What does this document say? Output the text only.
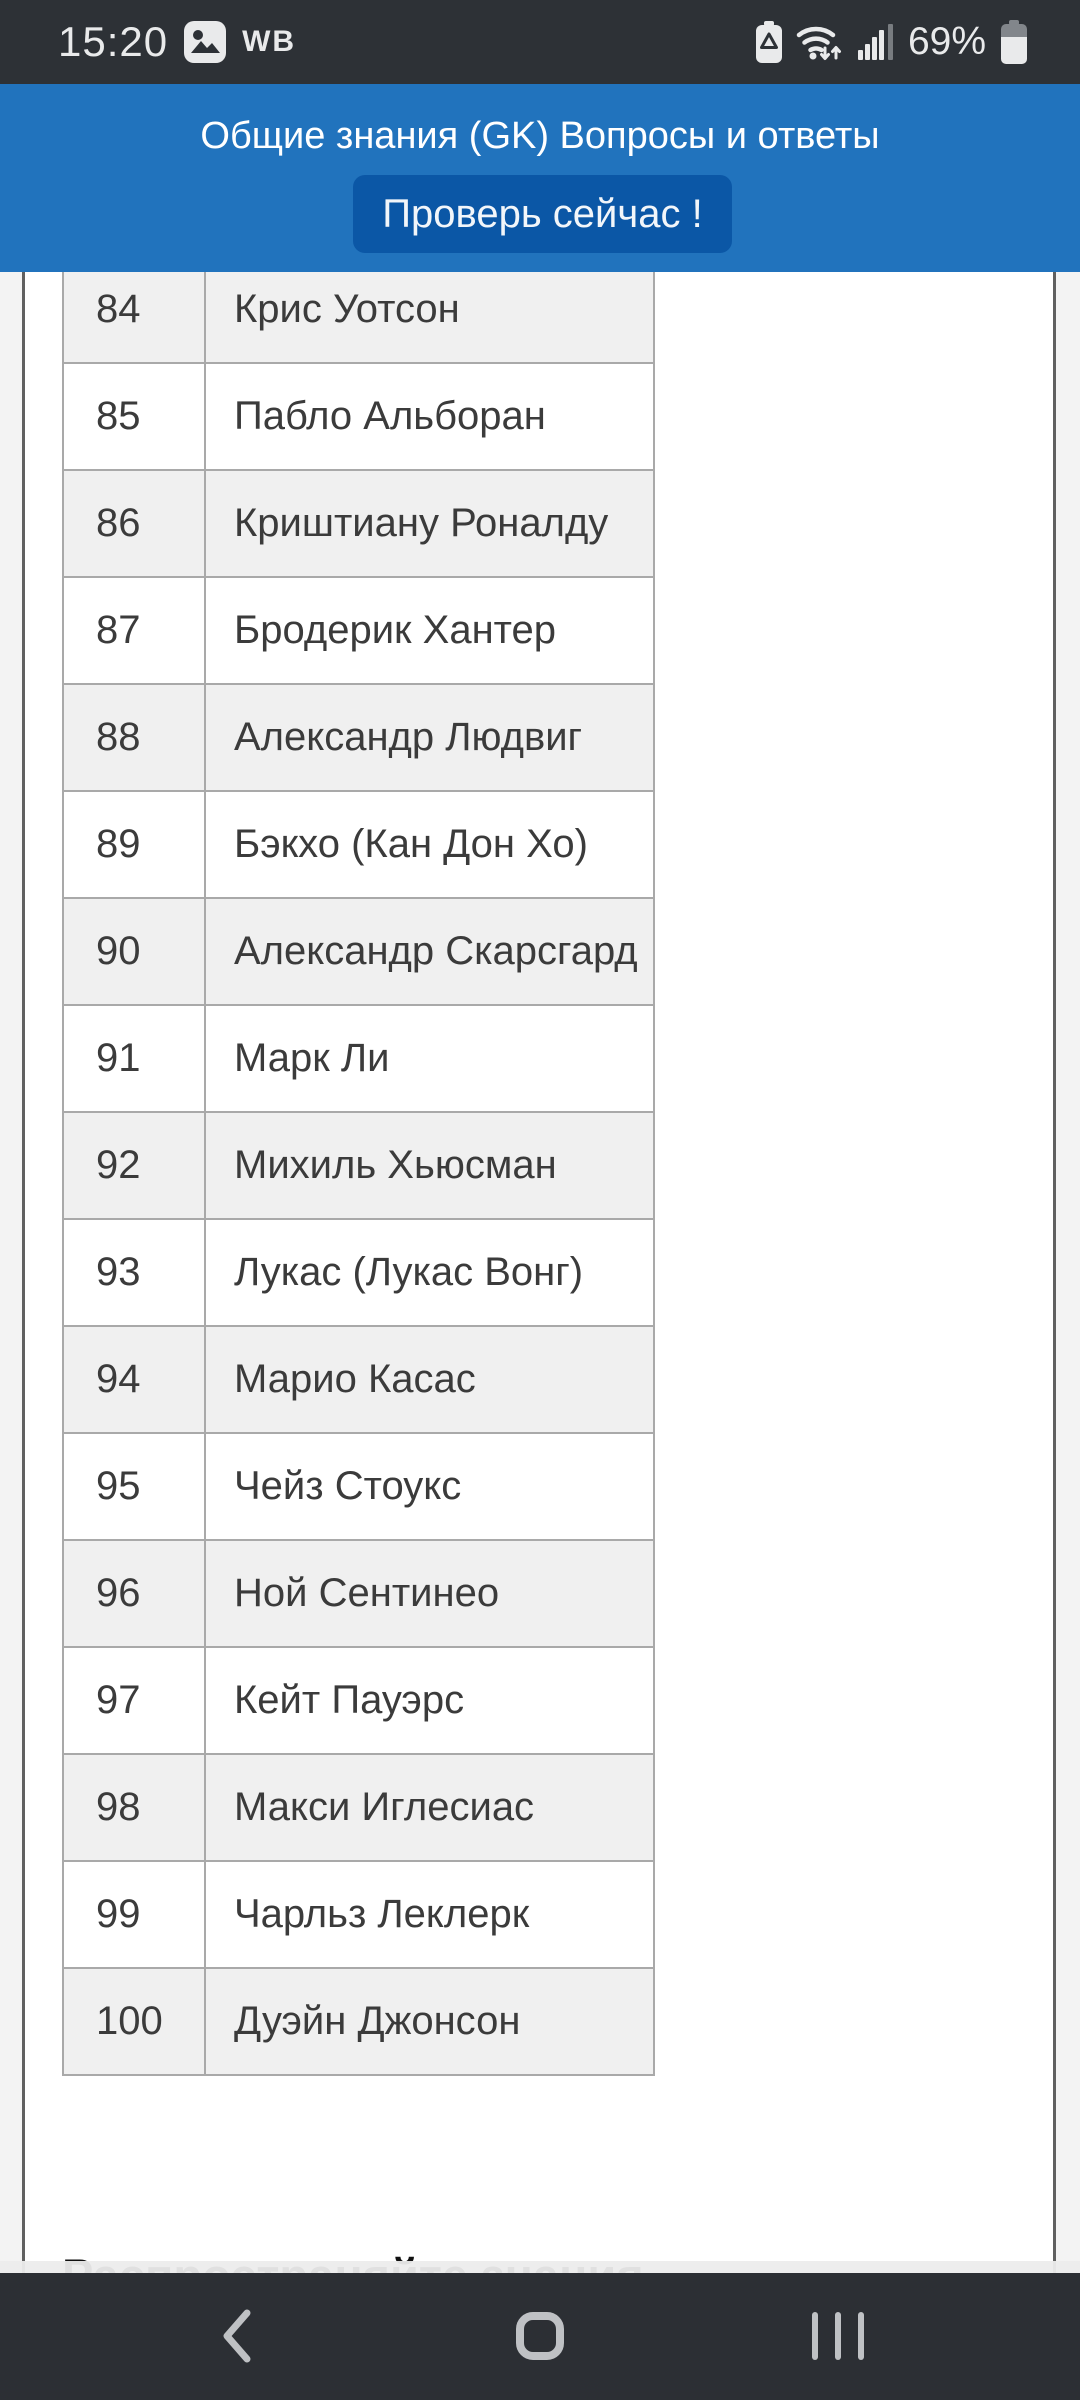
15:20 WB	69%
84	Крис Уотсон
85	Пабло Альборан
86	Криштиану Роналду
87	Бродерик Хантер
88	Александр Людвиг
89	Бэкхо (Кан Дон Хо)
90	Александр Скарсгард
91	Марк Ли
92	Михиль Хьюсман
93	Лукас (Лукас Вонг)
94	Марио Касас
95	Чейз Стоукс
96	Ной Сентинео
97	Кейт Пауэрс
98	Макси Иглесиас
99	Чарльз Леклерк
100	Дуэйн Джонсон
Общие знания (GK) Вопросы и ответы
Проверь сейчас !
